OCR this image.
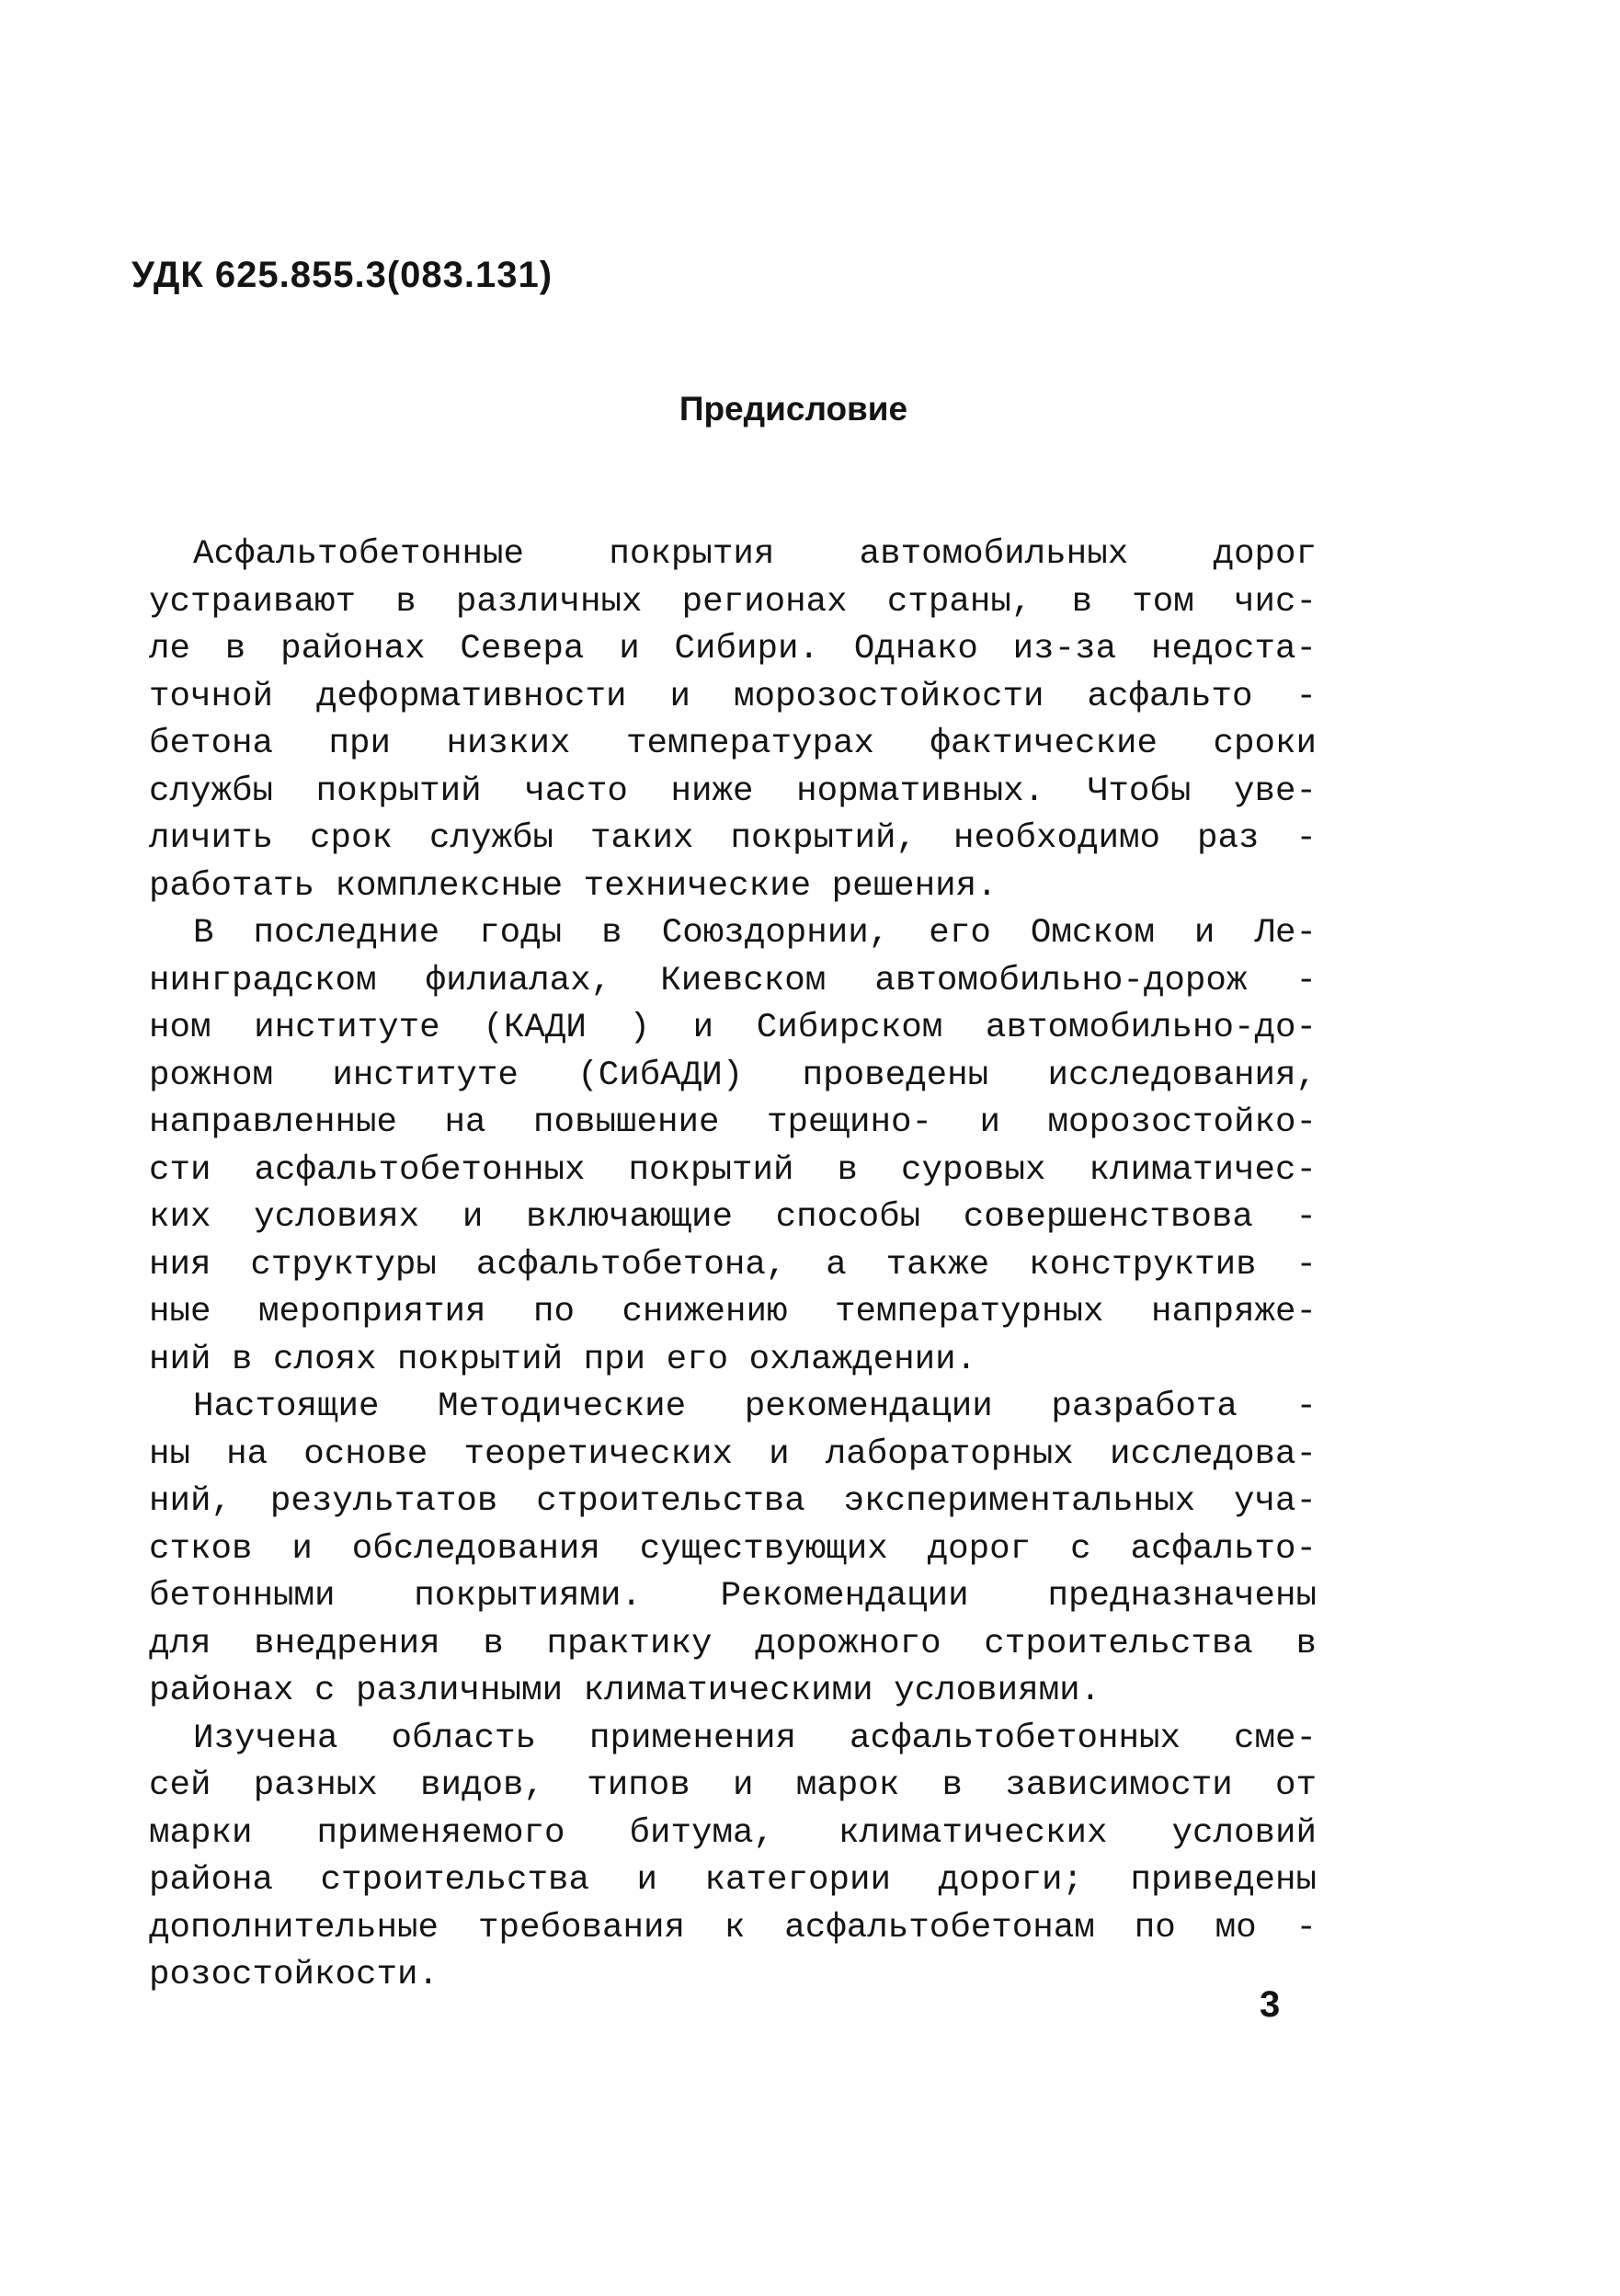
УДК 625.855.3(083.131)
Предисловие
Асфальтобетонные покрытия автомобильных дорог
устраивают в различных регионах страны, в том чис-
ле в районах Севера и Сибири. Однако из-за недоста-
точной деформативности и морозостойкости асфальто -
бетона при низких температурах фактические сроки
службы покрытий часто ниже нормативных. Чтобы уве-
личить срок службы таких покрытий, необходимо раз -
работать комплексные технические решения.
В последние годы в Союздорнии, его Омском и Ле-
нинградском филиалах, Киевском автомобильно-дорож -
ном институте (КАДИ ) и Сибирском автомобильно-до-
рожном институте (СибАДИ) проведены исследования,
направленные на повышение трещино- и морозостойко-
сти асфальтобетонных покрытий в суровых климатичес-
ких условиях и включающие способы совершенствова -
ния структуры асфальтобетона, а также конструктив -
ные мероприятия по снижению температурных напряже-
ний в слоях покрытий при его охлаждении.
Настоящие Методические рекомендации разработа -
ны на основе теоретических и лабораторных исследова-
ний, результатов строительства экспериментальных уча-
стков и обследования существующих дорог с асфальто-
бетонными покрытиями. Рекомендации предназначены
для внедрения в практику дорожного строительства в
районах с различными климатическими условиями.
Изучена область применения асфальтобетонных сме-
сей разных видов, типов и марок в зависимости от
марки применяемого битума, климатических условий
района строительства и категории дороги; приведены
дополнительные требования к асфальтобетонам по мо -
розостойкости.
3
